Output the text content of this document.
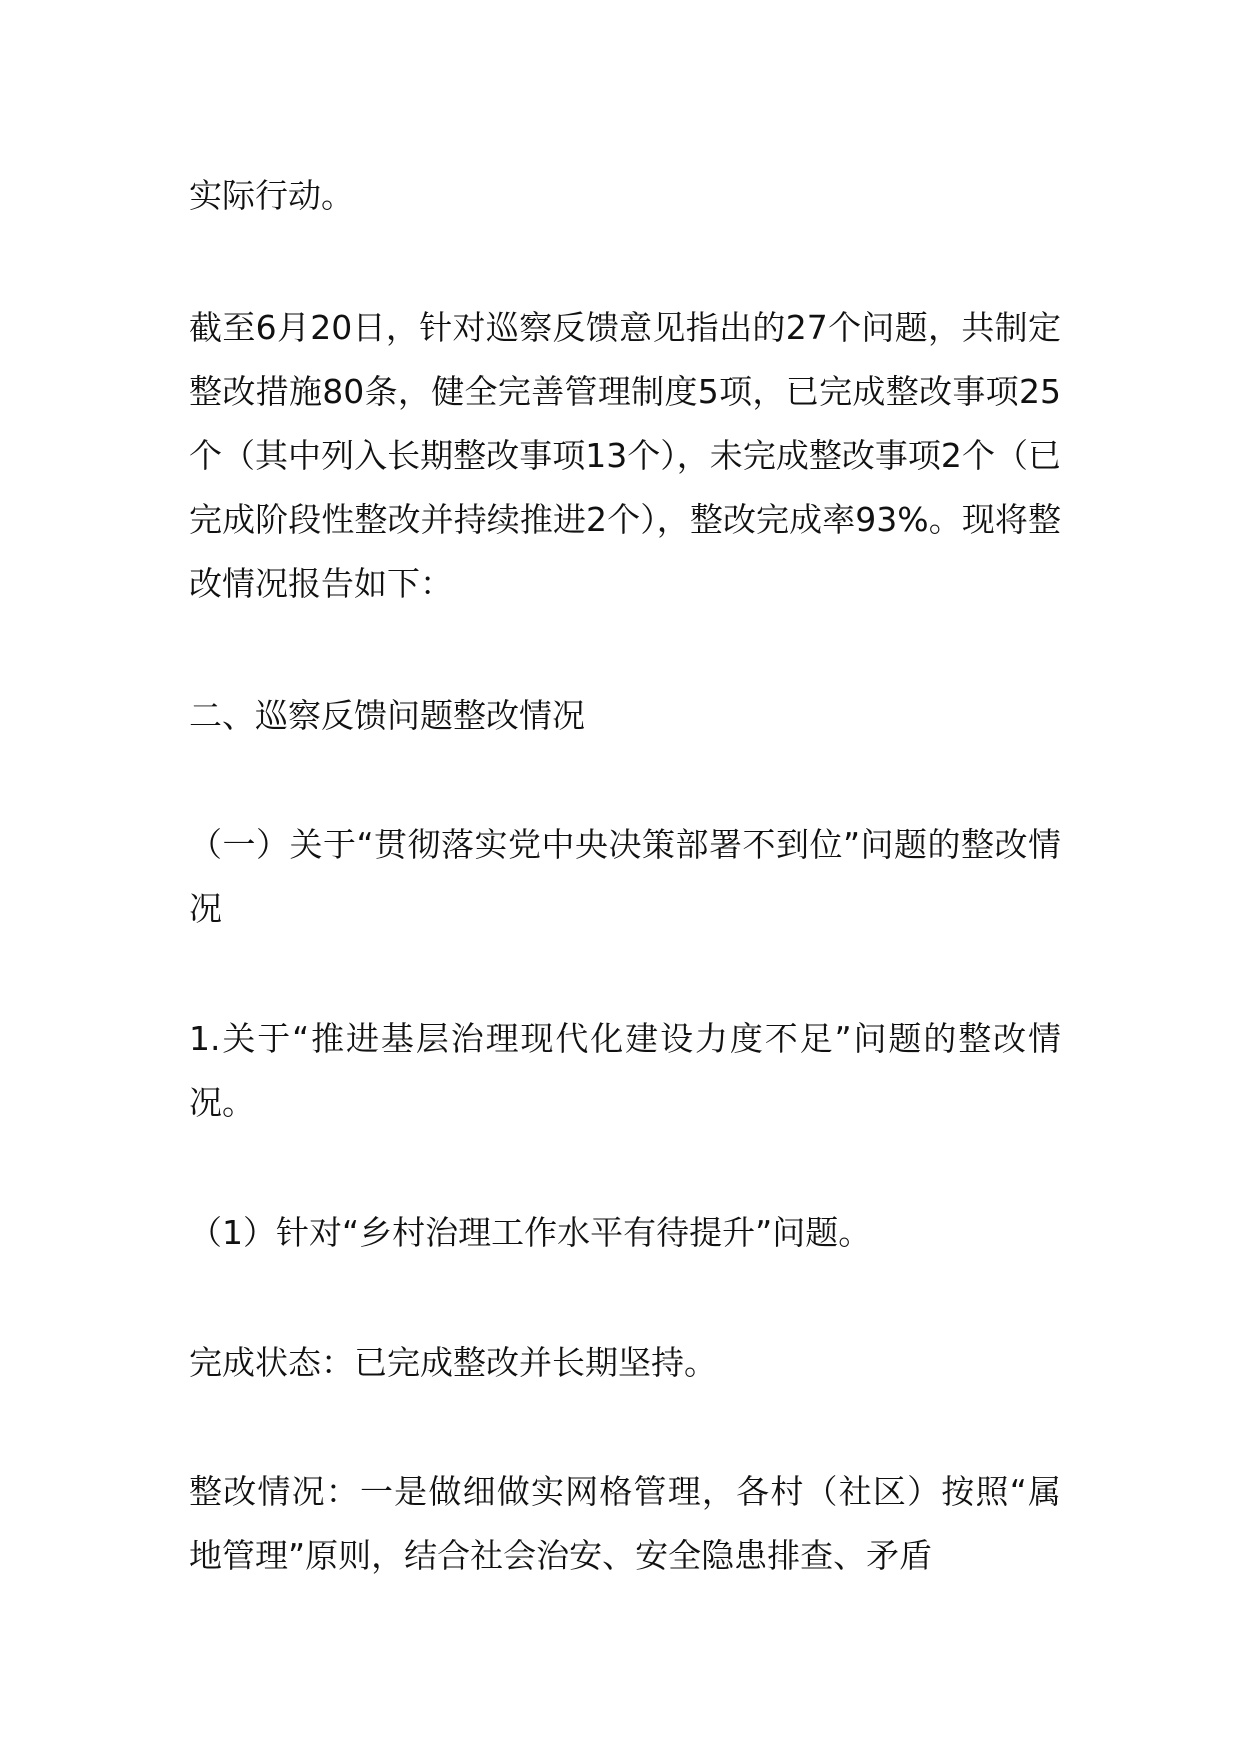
实际行动。

截至6月20日，针对巡察反馈意见指出的27个问题，共制定整改措施80条，健全完善管理制度5项，已完成整改事项25个（其中列入长期整改事项13个），未完成整改事项2个（已完成阶段性整改并持续推进2个），整改完成率93%。现将整改情况报告如下：

二、巡察反馈问题整改情况

（一）关于“贯彻落实党中央决策部署不到位”问题的整改情况

1.关于“推进基层治理现代化建设力度不足”问题的整改情况。

（1）针对“乡村治理工作水平有待提升”问题。

完成状态：已完成整改并长期坚持。

整改情况：一是做细做实网格管理，各村（社区）按照“属地管理”原则，结合社会治安、安全隐患排查、矛盾
